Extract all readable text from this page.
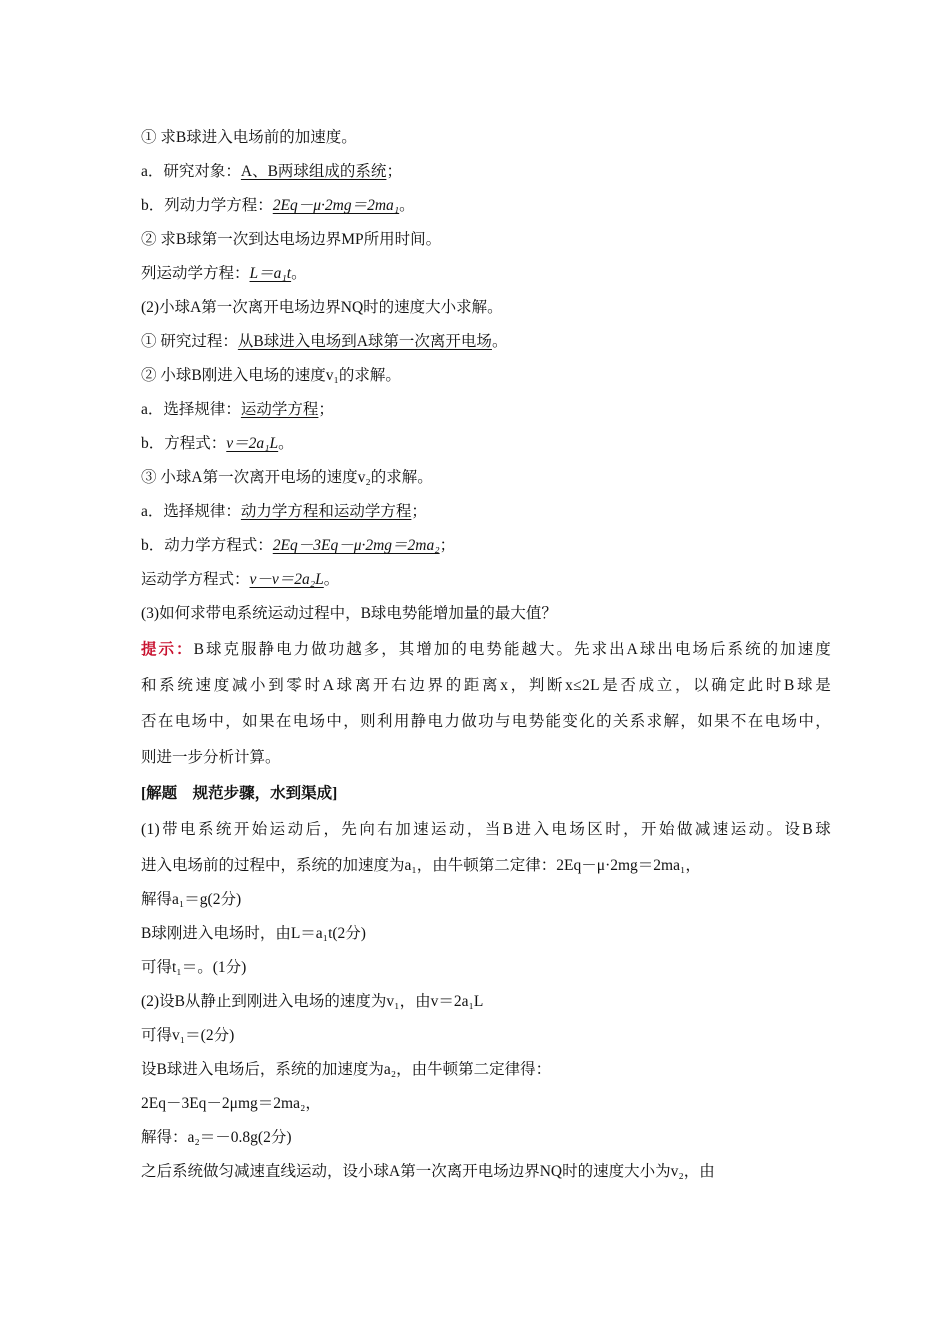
① 求B球进入电场前的加速度。
a．研究对象：A、B两球组成的系统；
b．列动力学方程：2Eq－μ·2mg＝2ma₁。
② 求B球第一次到达电场边界MP所用时间。
列运动学方程：L＝a₁t。
(2)小球A第一次离开电场边界NQ时的速度大小求解。
① 研究过程：从B球进入电场到A球第一次离开电场。
② 小球B刚进入电场的速度v₁的求解。
a．选择规律：运动学方程；
b．方程式：v＝2a₁L。
③ 小球A第一次离开电场的速度v₂的求解。
a．选择规律：动力学方程和运动学方程；
b．动力学方程式：2Eq－3Eq－μ·2mg＝2ma₂；
运动学方程式：v－v＝2a₂L。
(3)如何求带电系统运动过程中，B球电势能增加量的最大值？
提示：B球克服静电力做功越多，其增加的电势能越大。先求出A球出电场后系统的加速度
和系统速度减小到零时A球离开右边界的距离x，判断x≤2L是否成立，以确定此时B球是
否在电场中，如果在电场中，则利用静电力做功与电势能变化的关系求解，如果不在电场中，
则进一步分析计算。
[解题　规范步骤，水到渠成]
(1)带电系统开始运动后，先向右加速运动，当B进入电场区时，开始做减速运动。设B球
进入电场前的过程中，系统的加速度为a₁，由牛顿第二定律：2Eq－μ·2mg＝2ma₁，
解得a₁＝g(2分)
B球刚进入电场时，由L＝a₁t(2分)
可得t₁＝。(1分)
(2)设B从静止到刚进入电场的速度为v₁，由v＝2a₁L
可得v₁＝(2分)
设B球进入电场后，系统的加速度为a₂，由牛顿第二定律得：
2Eq－3Eq－2μmg＝2ma₂，
解得：a₂＝－0.8g(2分)
之后系统做匀减速直线运动，设小球A第一次离开电场边界NQ时的速度大小为v₂，由
